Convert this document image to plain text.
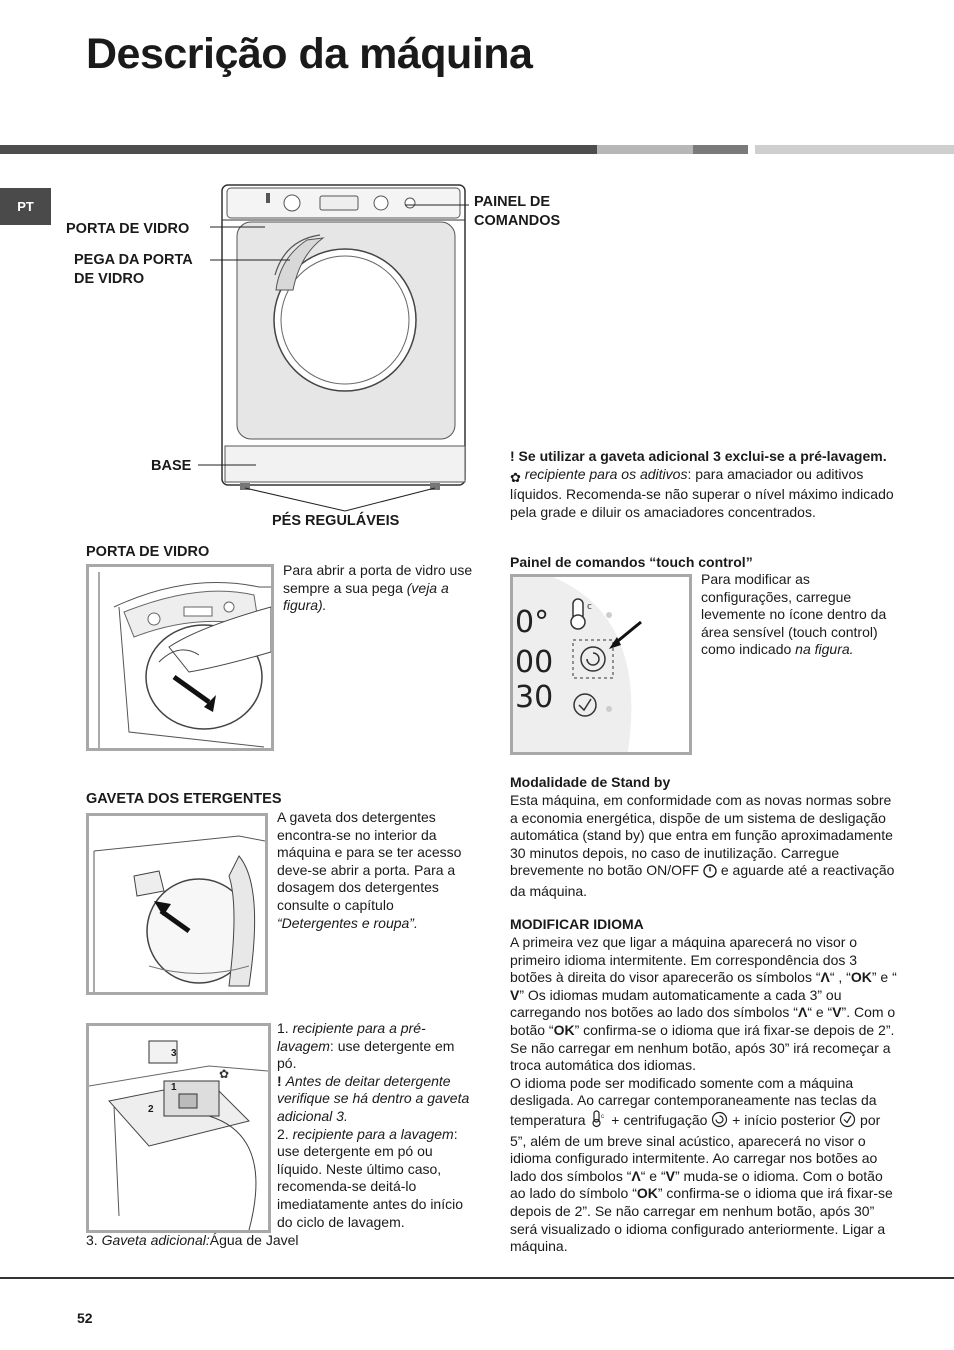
Descrição da máquina
PT	PAINEL DE
COMANDOS
PORTA DE VIDRO
PEGA DA PORTA
DE VIDRO
BASE
PÉS REGULÁVEIS
PORTA DE VIDRO
Para abrir a porta de vidro use sempre a sua pega (veja a figura).
GAVETA DOS ETERGENTES
A gaveta dos detergentes encontra-se no interior da máquina e para se ter acesso deve-se abrir a porta. Para a dosagem dos detergentes consulte o capítulo “Detergentes e roupa”.
✿
3
1
2
1. recipiente para a pré-lavagem: use detergente em pó.
! Antes de deitar detergente verifique se há dentro a gaveta adicional 3.
2. recipiente para a lavagem: use detergente em pó ou líquido. Neste último caso, recomenda-se deitá-lo imediatamente antes do início do ciclo de lavagem.
3. Gaveta adicional:Água de Javel
! Se utilizar a gaveta adicional 3 exclui-se a pré-lavagem.
✿ recipiente para os aditivos: para amaciador ou aditivos líquidos. Recomenda-se não superar o nível máximo indicado pela grade e diluir os amaciadores concentrados.
Painel de comandos “touch control”
0°
00
30
c
Para modificar as configurações, carregue levemente no ícone dentro da área sensível (touch control) como indicado na figura.
Modalidade de Stand by
Esta máquina, em conformidade com as novas normas sobre a economia energética, dispõe de um sistema de desligação automática (stand by) que entra em função aproximadamente 30 minutos depois, no caso de inutilização. Carregue brevemente no botão ON/OFF  e aguarde até a reactivação da máquina.
MODIFICAR IDIOMA
A primeira vez que ligar a máquina aparecerá no visor o primeiro idioma intermitente. Em correspondência dos 3 botões à direita do visor aparecerão os símbolos “Λ“ , “OK” e “V” Os idiomas mudam automaticamente a cada 3” ou carregando nos botões ao lado dos símbolos “Λ“ e “V”. Com o botão “OK” confirma-se o idioma que irá fixar-se depois de 2”. Se não carregar em nenhum botão, após 30” irá recomeçar a troca automática dos idiomas.
O idioma pode ser modificado somente com a máquina desligada. Ao carregar contemporaneamente nas teclas da temperatura c + centrifugação  + início posterior  por 5”, além de um breve sinal acústico, aparecerá no visor o idioma configurado intermitente. Ao carregar nos botões ao lado dos símbolos “Λ“ e “V” muda-se o idioma. Com o botão ao lado do símbolo “OK” confirma-se o idioma que irá fixar-se depois de 2”. Se não carregar em nenhum botão, após 30” será visualizado o idioma configurado anteriormente. Ligar a máquina.
52
